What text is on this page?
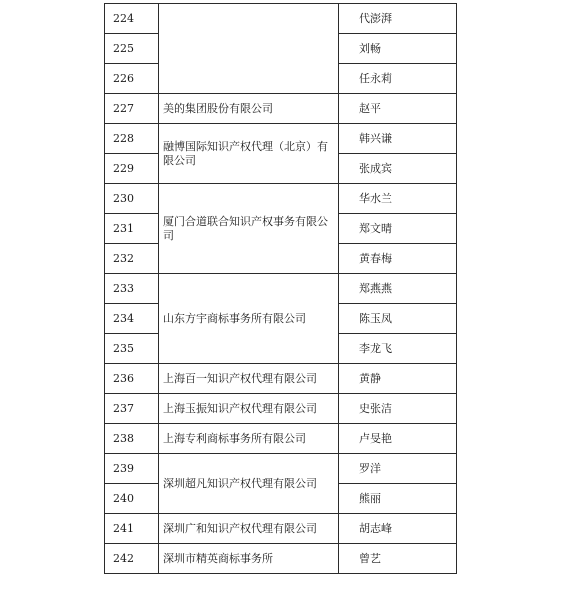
224		代澎湃
225		刘畅
226		任永莉
227	美的集团股份有限公司	赵平
228	融博国际知识产权代理（北京）有限公司	韩兴谦
229		张成宾
230	厦门合道联合知识产权事务有限公司	华水兰
231		郑文晴
232		黄春梅
233	山东方宇商标事务所有限公司	郑燕燕
234		陈玉凤
235		李龙飞
236	上海百一知识产权代理有限公司	黄静
237	上海玉振知识产权代理有限公司	史张洁
238	上海专利商标事务所有限公司	卢旻艳
239	深圳超凡知识产权代理有限公司	罗洋
240		熊丽
241	深圳广和知识产权代理有限公司	胡志峰
242	深圳市精英商标事务所	曾艺
